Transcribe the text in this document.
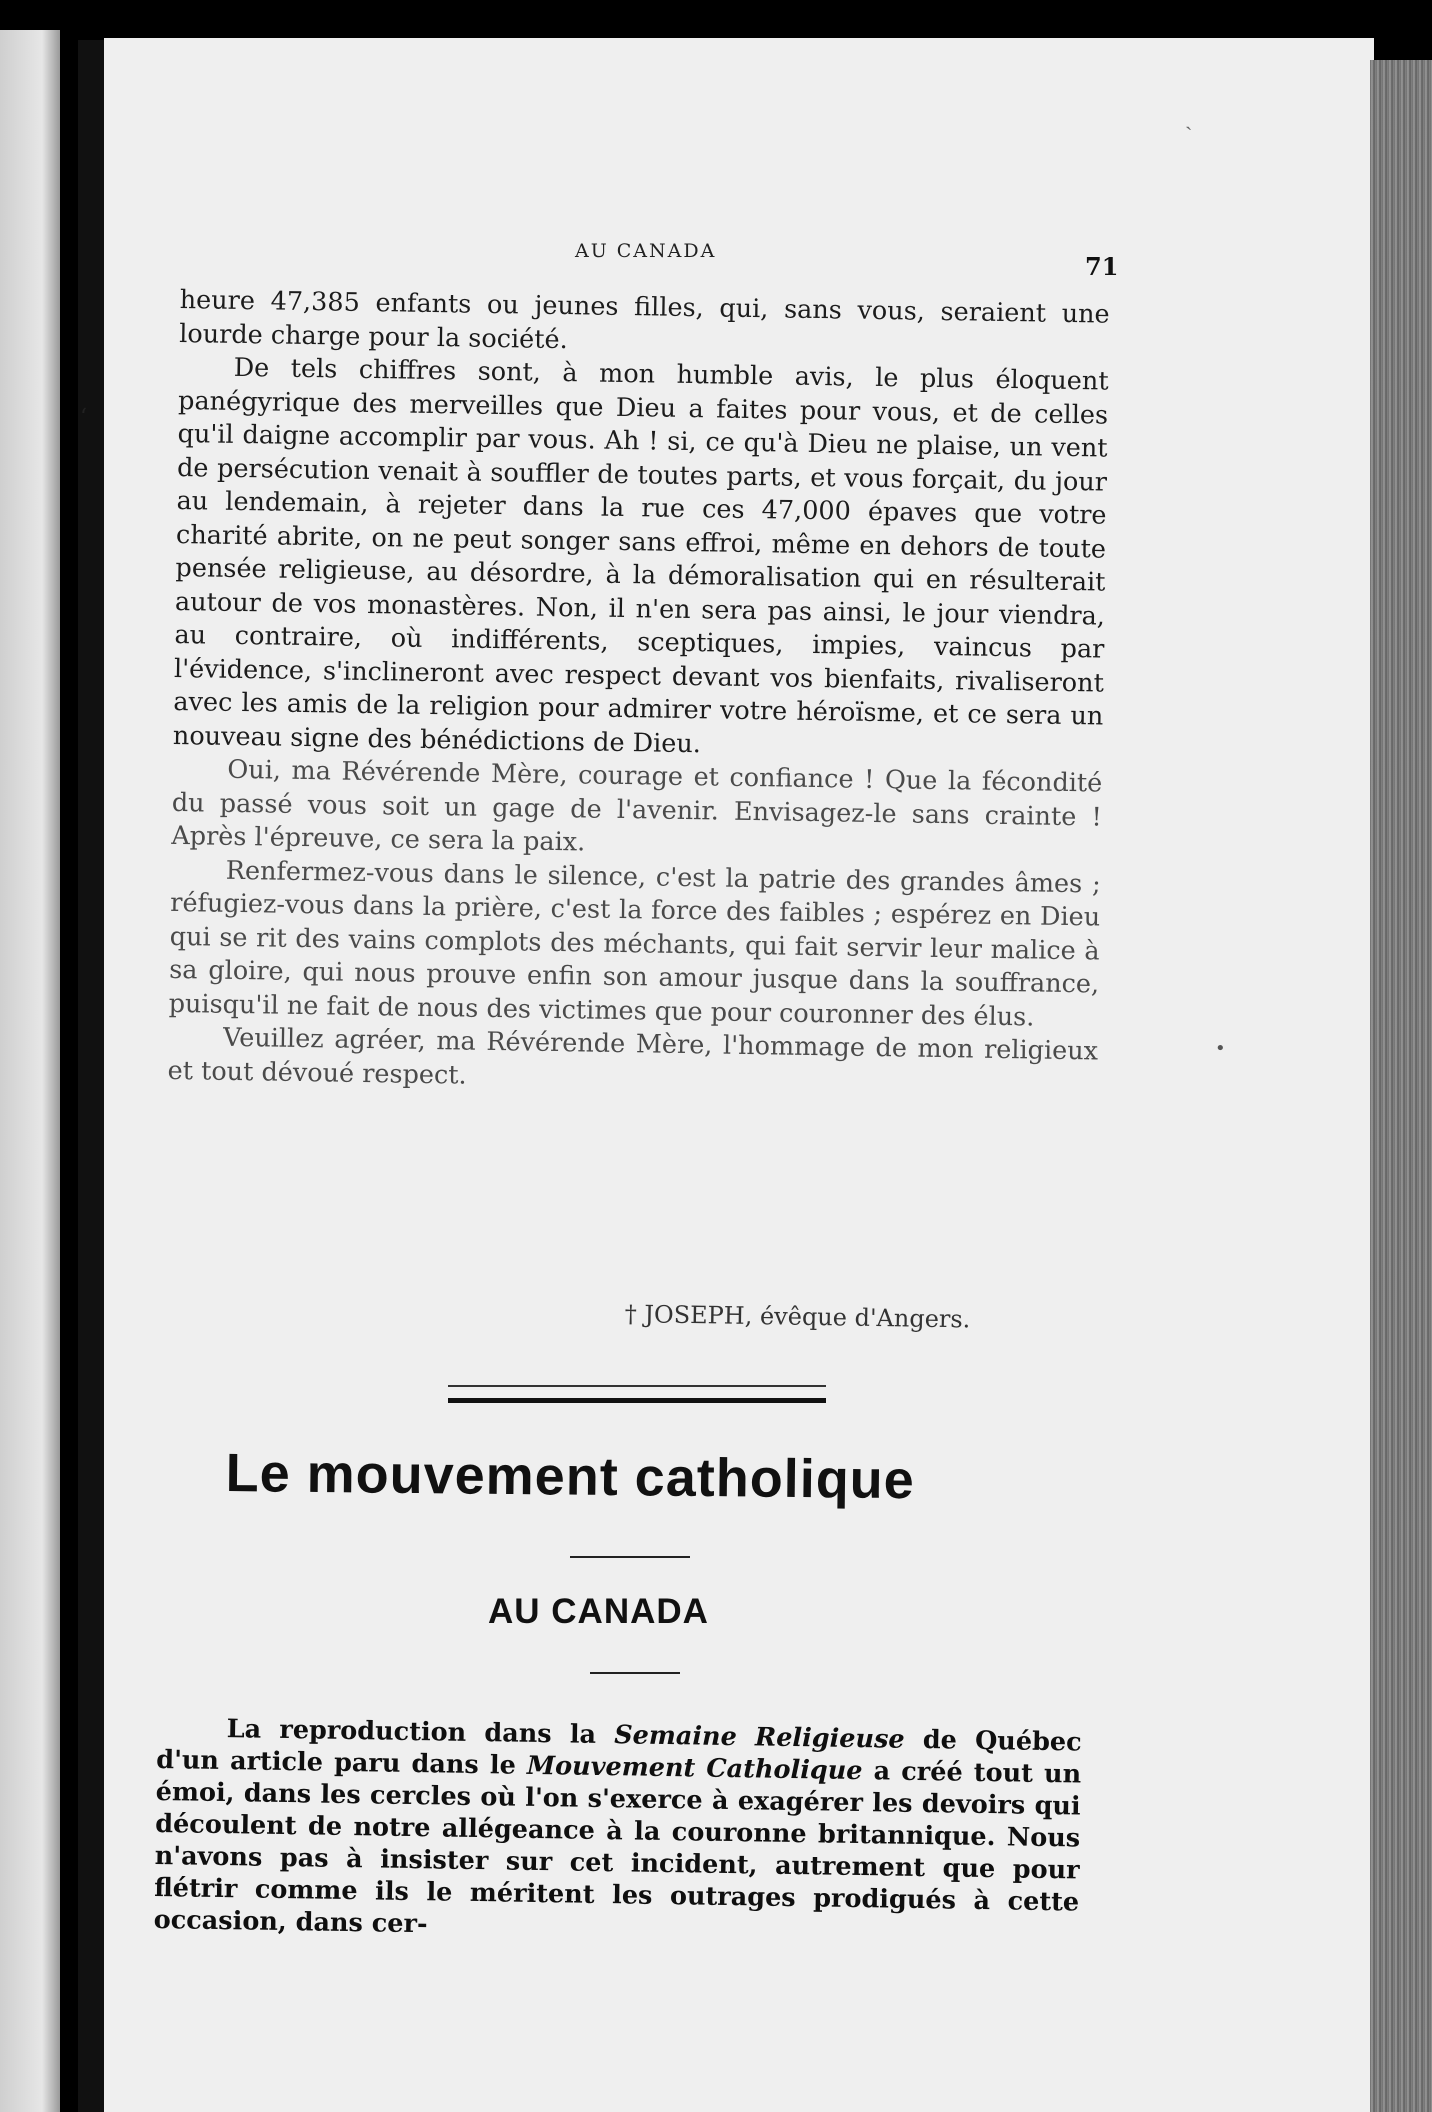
AU CANADA
71

heure 47,385 enfants ou jeunes filles, qui, sans vous, seraient une lourde charge pour la société.

De tels chiffres sont, à mon humble avis, le plus éloquent panégyrique des merveilles que Dieu a faites pour vous, et de celles qu'il daigne accomplir par vous. Ah ! si, ce qu'à Dieu ne plaise, un vent de persécution venait à souffler de toutes parts, et vous forçait, du jour au lendemain, à rejeter dans la rue ces 47,000 épaves que votre charité abrite, on ne peut songer sans effroi, même en dehors de toute pensée religieuse, au désordre, à la démoralisation qui en résulterait autour de vos monastères. Non, il n'en sera pas ainsi, le jour viendra, au contraire, où indifférents, sceptiques, impies, vaincus par l'évidence, s'inclineront avec respect devant vos bienfaits, rivaliseront avec les amis de la religion pour admirer votre héroïsme, et ce sera un nouveau signe des bénédictions de Dieu.

Oui, ma Révérende Mère, courage et confiance ! Que la fécondité du passé vous soit un gage de l'avenir. Envisagez-le sans crainte ! Après l'épreuve, ce sera la paix.

Renfermez-vous dans le silence, c'est la patrie des grandes âmes ; réfugiez-vous dans la prière, c'est la force des faibles ; espérez en Dieu qui se rit des vains complots des méchants, qui fait servir leur malice à sa gloire, qui nous prouve enfin son amour jusque dans la souffrance, puisqu'il ne fait de nous des victimes que pour couronner des élus.

Veuillez agréer, ma Révérende Mère, l'hommage de mon religieux et tout dévoué respect.

† JOSEPH, évêque d'Angers.
Le mouvement catholique
AU CANADA

La reproduction dans la Semaine Religieuse de Québec d'un article paru dans le Mouvement Catholique a créé tout un émoi, dans les cercles où l'on s'exerce à exagérer les devoirs qui découlent de notre allégeance à la couronne britannique. Nous n'avons pas à insister sur cet incident, autrement que pour flétrir comme ils le méritent les outrages prodigués à cette occasion, dans cer-

ʻ
•
ˎ
